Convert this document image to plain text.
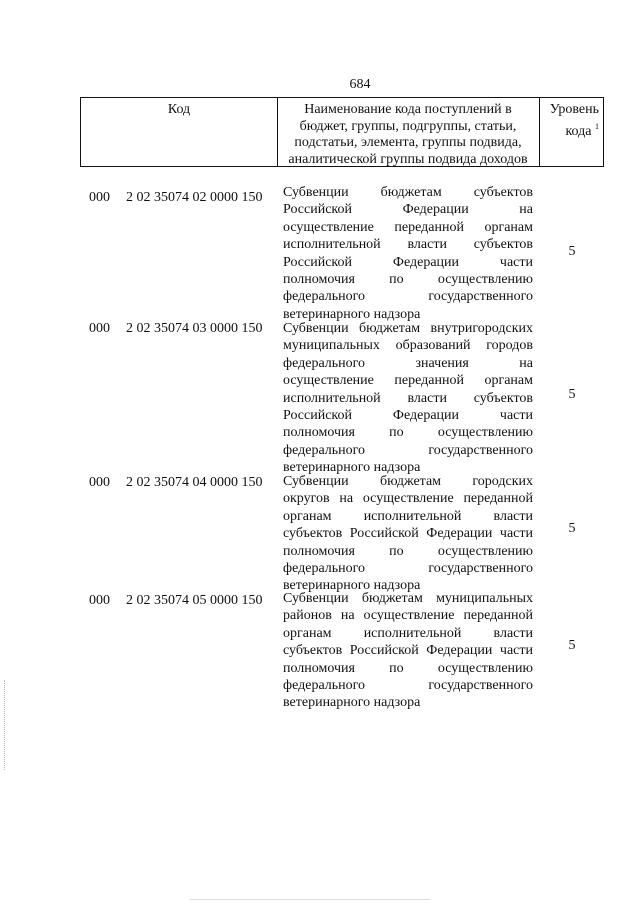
684
Код	Наименование кода поступлений в
бюджет, группы, подгруппы, статьи,
подстатьи, элемента, группы подвида,
аналитической группы подвида доходов
Уровень
кода $^1$
000	2 02 35074 02 0000 150	Субвенции бюджетам субъектов
Российской Федерации на
осуществление переданной органам
исполнительной власти субъектов
Российской Федерации части
полномочия по осуществлению
федерального государственного
ветеринарного надзора
5
000	2 02 35074 03 0000 150	Субвенции бюджетам внутригородских
муниципальных образований городов
федерального значения на
осуществление переданной органам
исполнительной власти субъектов
Российской Федерации части
полномочия по осуществлению
федерального государственного
ветеринарного надзора
5
000	2 02 35074 04 0000 150	Субвенции бюджетам городских
округов на осуществление переданной
органам исполнительной власти
субъектов Российской Федерации части
полномочия по осуществлению
федерального государственного
ветеринарного надзора
5
000	2 02 35074 05 0000 150	Субвенции бюджетам муниципальных
районов на осуществление переданной
органам исполнительной власти
субъектов Российской Федерации части
полномочия по осуществлению
федерального государственного
ветеринарного надзора
5
